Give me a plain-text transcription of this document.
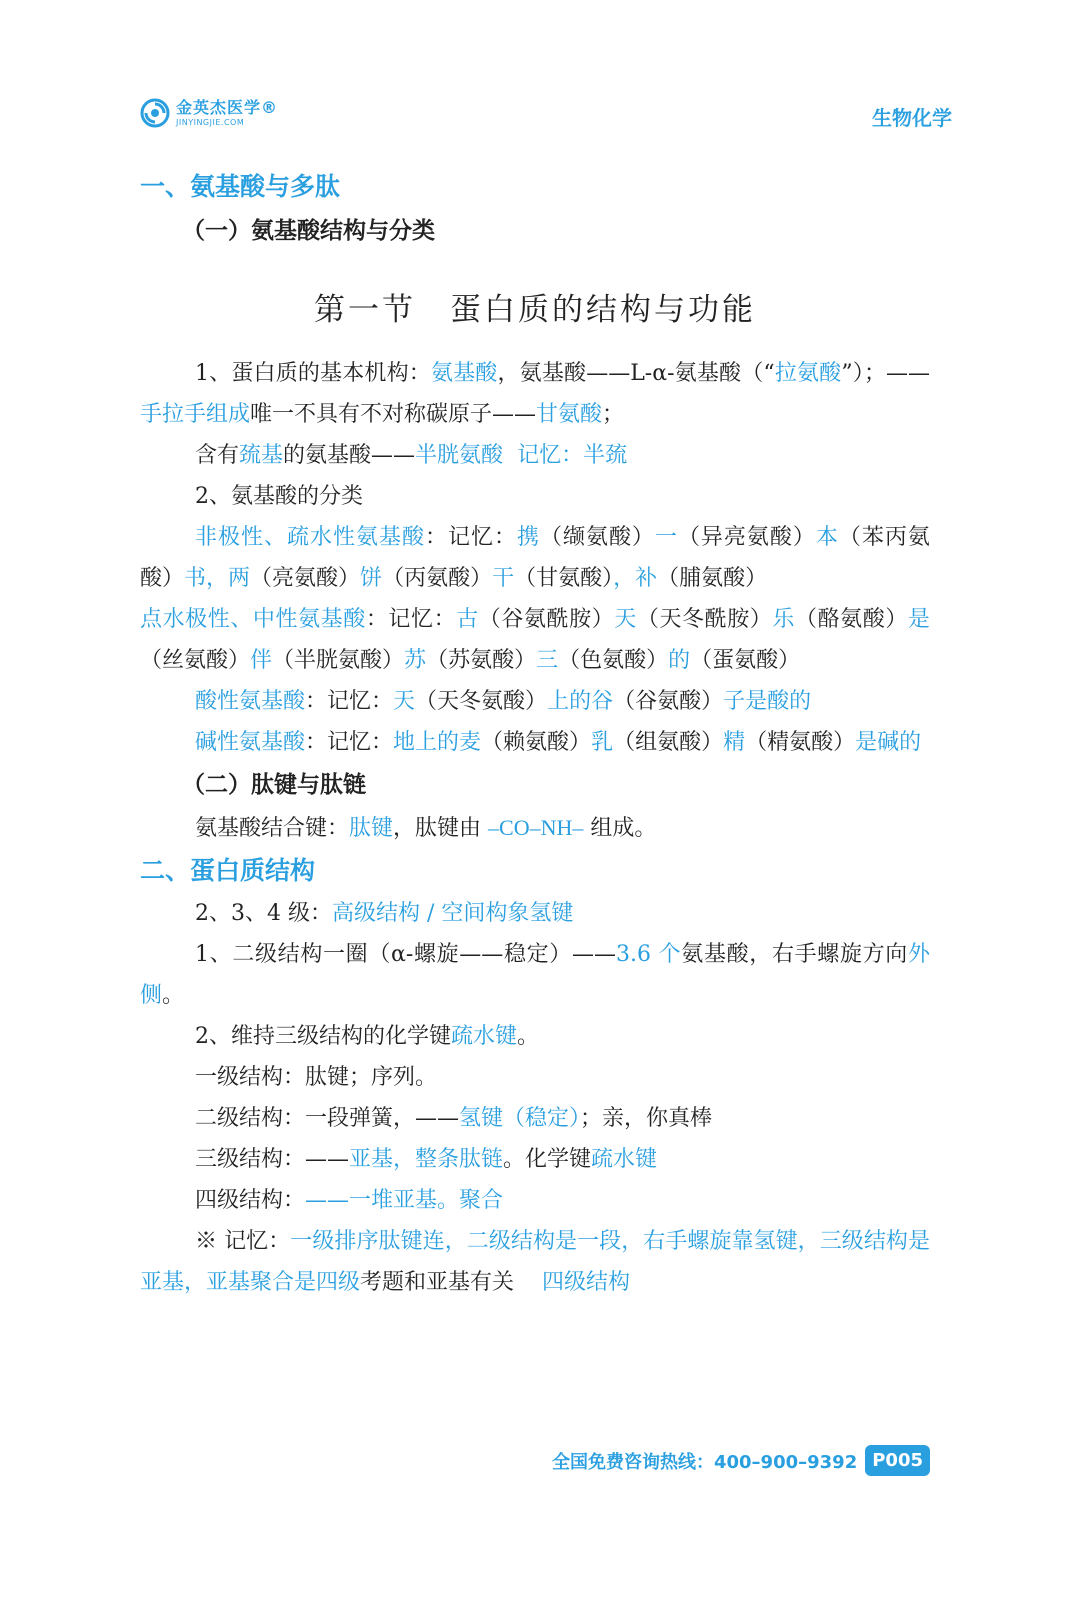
金英杰医学®
JINYINGJIE.COM	生物化学
一、氨基酸与多肽
（一）氨基酸结构与分类
第一节　蛋白质的结构与功能
1、蛋白质的基本机构：氨基酸，氨基酸——L-α-氨基酸（“拉氨酸”）；——手拉手组成唯一不具有不对称碳原子——甘氨酸；
含有巯基的氨基酸——半胱氨酸 记忆：半巯
2、氨基酸的分类
非极性、疏水性氨基酸：记忆：携（缬氨酸）一（异亮氨酸）本（苯丙氨酸）书，两（亮氨酸）饼（丙氨酸）干（甘氨酸），补（脯氨酸）
点水极性、中性氨基酸：记忆：古（谷氨酰胺）天（天冬酰胺）乐（酪氨酸）是（丝氨酸）伴（半胱氨酸）苏（苏氨酸）三（色氨酸）的（蛋氨酸）
酸性氨基酸：记忆：天（天冬氨酸）上的谷（谷氨酸）子是酸的
碱性氨基酸：记忆：地上的麦（赖氨酸）乳（组氨酸）精（精氨酸）是碱的
（二）肽键与肽链
氨基酸结合键：肽键，肽键由 –CO–NH– 组成。
二、蛋白质结构
2、3、4 级：高级结构 / 空间构象氢键
1、二级结构一圈（α-螺旋——稳定）——3.6 个氨基酸，右手螺旋方向外侧。
2、维持三级结构的化学键疏水键。
一级结构：肽键；序列。
二级结构：一段弹簧，——氢键（稳定）；亲，你真棒
三级结构：——亚基，整条肽链。化学键疏水键
四级结构：——一堆亚基。聚合
※ 记忆：一级排序肽键连，二级结构是一段，右手螺旋靠氢键，三级结构是亚基，亚基聚合是四级考题和亚基有关 四级结构
全国免费咨询热线：400–900–9392 P005
